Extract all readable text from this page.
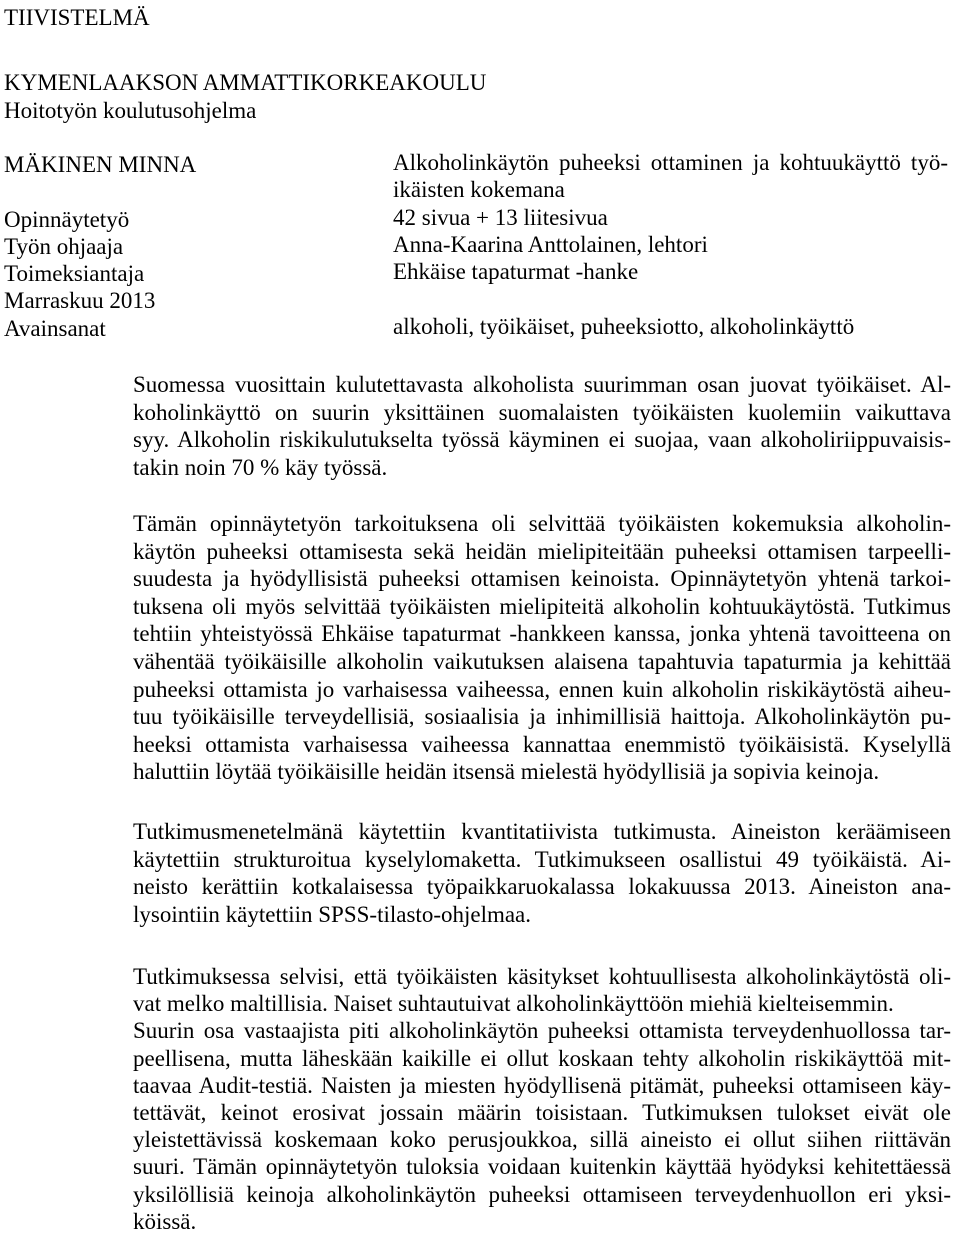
TIIVISTELMÄ
KYMENLAAKSON AMMATTIKORKEAKOULU
Hoitotyön koulutusohjelma
MÄKINEN MINNA
Opinnäytetyö
Työn ohjaaja
Toimeksiantaja
Marraskuu 2013
Avainsanat
Alkoholinkäytön puheeksi ottaminen ja kohtuukäyttö työ-
ikäisten kokemana
42 sivua + 13 liitesivua
Anna-Kaarina Anttolainen, lehtori
Ehkäise tapaturmat -hanke
alkoholi, työikäiset, puheeksiotto, alkoholinkäyttö
Suomessa vuosittain kulutettavasta alkoholista suurimman osan juovat työikäiset. Al-
koholinkäyttö on suurin yksittäinen suomalaisten työikäisten kuolemiin vaikuttava
syy. Alkoholin riskikulutukselta työssä käyminen ei suojaa, vaan alkoholiriippuvaisis-
takin noin 70 % käy työssä.
Tämän opinnäytetyön tarkoituksena oli selvittää työikäisten kokemuksia alkoholin-
käytön puheeksi ottamisesta sekä heidän mielipiteitään puheeksi ottamisen tarpeelli-
suudesta ja hyödyllisistä puheeksi ottamisen keinoista. Opinnäytetyön yhtenä tarkoi-
tuksena oli myös selvittää työikäisten mielipiteitä alkoholin kohtuukäytöstä. Tutkimus
tehtiin yhteistyössä Ehkäise tapaturmat -hankkeen kanssa, jonka yhtenä tavoitteena on
vähentää työikäisille alkoholin vaikutuksen alaisena tapahtuvia tapaturmia ja kehittää
puheeksi ottamista jo varhaisessa vaiheessa, ennen kuin alkoholin riskikäytöstä aiheu-
tuu työikäisille terveydellisiä, sosiaalisia ja inhimillisiä haittoja. Alkoholinkäytön pu-
heeksi ottamista varhaisessa vaiheessa kannattaa enemmistö työikäisistä. Kyselyllä
haluttiin löytää työikäisille heidän itsensä mielestä hyödyllisiä ja sopivia keinoja.
Tutkimusmenetelmänä käytettiin kvantitatiivista tutkimusta. Aineiston keräämiseen
käytettiin strukturoitua kyselylomaketta. Tutkimukseen osallistui 49 työikäistä. Ai-
neisto kerättiin kotkalaisessa työpaikkaruokalassa lokakuussa 2013. Aineiston ana-
lysointiin käytettiin SPSS-tilasto-ohjelmaa.
Tutkimuksessa selvisi, että työikäisten käsitykset kohtuullisesta alkoholinkäytöstä oli-
vat melko maltillisia. Naiset suhtautuivat alkoholinkäyttöön miehiä kielteisemmin.
Suurin osa vastaajista piti alkoholinkäytön puheeksi ottamista terveydenhuollossa tar-
peellisena, mutta läheskään kaikille ei ollut koskaan tehty alkoholin riskikäyttöä mit-
taavaa Audit-testiä. Naisten ja miesten hyödyllisenä pitämät, puheeksi ottamiseen käy-
tettävät, keinot erosivat jossain määrin toisistaan. Tutkimuksen tulokset eivät ole
yleistettävissä koskemaan koko perusjoukkoa, sillä aineisto ei ollut siihen riittävän
suuri. Tämän opinnäytetyön tuloksia voidaan kuitenkin käyttää hyödyksi kehitettäessä
yksilöllisiä keinoja alkoholinkäytön puheeksi ottamiseen terveydenhuollon eri yksi-
köissä.
